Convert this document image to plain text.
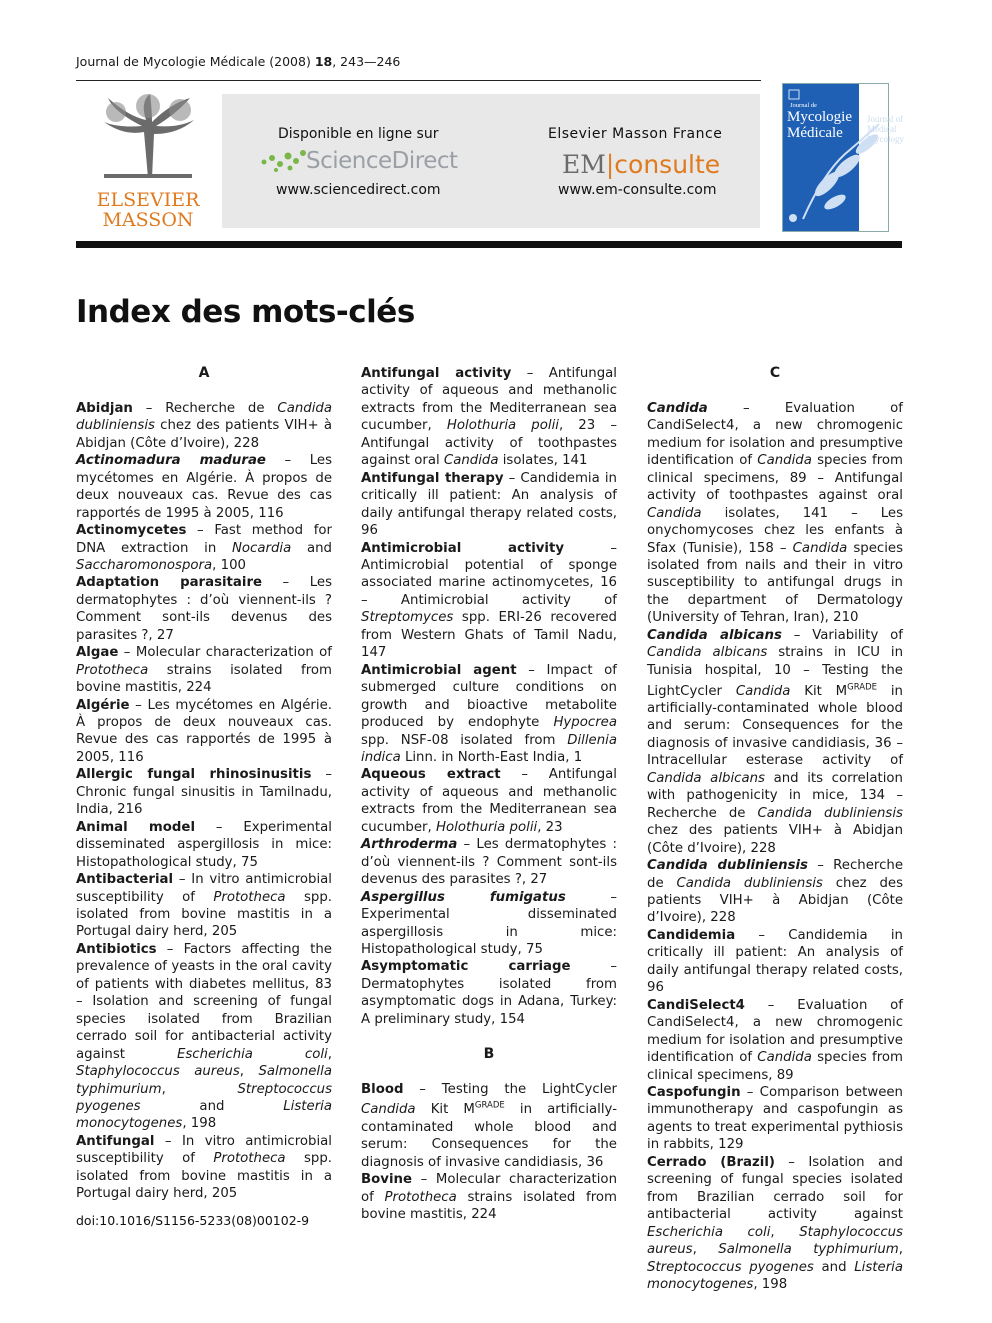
Journal de Mycologie Médicale (2008) 18, 243—246
ELSEVIER
MASSON
Disponible en ligne sur
ScienceDirect
www.sciencedirect.com
Elsevier Masson France
EM|consulte
www.em-consulte.com
Journal de
Mycologie
Médicale
Journal of
Medical
Mycology
Index des mots-clés
A

Abidjan – Recherche de Candida dubliniensis chez des patients VIH+ à Abidjan (Côte d’Ivoire), 228

Actinomadura madurae – Les mycétomes en Algérie. À propos de deux nouveaux cas. Revue des cas rapportés de 1995 à 2005, 116

Actinomycetes – Fast method for DNA extraction in Nocardia and Saccharomonospora, 100

Adaptation parasitaire – Les dermatophytes : d’où viennent-ils ? Comment sont-ils devenus des parasites ?, 27

Algae – Molecular characterization of Prototheca strains isolated from bovine mastitis, 224

Algérie – Les mycétomes en Algérie. À propos de deux nouveaux cas. Revue des cas rapportés de 1995 à 2005, 116

Allergic fungal rhinosinusitis – Chronic fungal sinusitis in Tamilnadu, India, 216

Animal model – Experimental disseminated aspergillosis in mice: Histopathological study, 75

Antibacterial – In vitro antimicrobial susceptibility of Prototheca spp. isolated from bovine mastitis in a Portugal dairy herd, 205

Antibiotics – Factors affecting the prevalence of yeasts in the oral cavity of patients with diabetes mellitus, 83 – Isolation and screening of fungal species isolated from Brazilian cerrado soil for antibacterial activity against Escherichia coli, Staphylococcus aureus, Salmonella typhimurium, Streptococcus pyogenes and Listeria monocytogenes, 198

Antifungal – In vitro antimicrobial susceptibility of Prototheca spp. isolated from bovine mastitis in a Portugal dairy herd, 205

Antifungal activity – Antifungal activity of aqueous and methanolic extracts from the Mediterranean sea cucumber, Holothuria polii, 23 – Antifungal activity of toothpastes against oral Candida isolates, 141

Antifungal therapy – Candidemia in critically ill patient: An analysis of daily antifungal therapy related costs, 96

Antimicrobial activity – Antimicrobial potential of sponge associated marine actinomycetes, 16 – Antimicrobial activity of Streptomyces spp. ERI-26 recovered from Western Ghats of Tamil Nadu, 147

Antimicrobial agent – Impact of submerged culture conditions on growth and bioactive metabolite produced by endophyte Hypocrea spp. NSF-08 isolated from Dillenia indica Linn. in North-East India, 1

Aqueous extract – Antifungal activity of aqueous and methanolic extracts from the Mediterranean sea cucumber, Holothuria polii, 23

Arthroderma – Les dermatophytes : d’où viennent-ils ? Comment sont-ils devenus des parasites ?, 27

Aspergillus fumigatus – Experimental disseminated aspergillosis in mice: Histopathological study, 75

Asymptomatic carriage – Dermatophytes isolated from asymptomatic dogs in Adana, Turkey: A preliminary study, 154

B

Blood – Testing the LightCycler Candida Kit $M^{GRADE}$ in artificially-contaminated whole blood and serum: Consequences for the diagnosis of invasive candidiasis, 36

Bovine – Molecular characterization of Prototheca strains isolated from bovine mastitis, 224

C

Candida – Evaluation of CandiSelect4, a new chromogenic medium for isolation and presumptive identification of Candida species from clinical specimens, 89 – Antifungal activity of toothpastes against oral Candida isolates, 141 – Les onychomycoses chez les enfants à Sfax (Tunisie), 158 – Candida species isolated from nails and their in vitro susceptibility to antifungal drugs in the department of Dermatology (University of Tehran, Iran), 210

Candida albicans – Variability of Candida albicans strains in ICU in Tunisia hospital, 10 – Testing the LightCycler Candida Kit $M^{GRADE}$ in artificially-contaminated whole blood and serum: Consequences for the diagnosis of invasive candidiasis, 36 – Intracellular esterase activity of Candida albicans and its correlation with pathogenicity in mice, 134 – Recherche de Candida dubliniensis chez des patients VIH+ à Abidjan (Côte d’Ivoire), 228

Candida dubliniensis – Recherche de Candida dubliniensis chez des patients VIH+ à Abidjan (Côte d’Ivoire), 228

Candidemia – Candidemia in critically ill patient: An analysis of daily antifungal therapy related costs, 96

CandiSelect4 – Evaluation of CandiSelect4, a new chromogenic medium for isolation and presumptive identification of Candida species from clinical specimens, 89

Caspofungin – Comparison between immunotherapy and caspofungin as agents to treat experimental pythiosis in rabbits, 129

Cerrado (Brazil) – Isolation and screening of fungal species isolated from Brazilian cerrado soil for antibacterial activity against Escherichia coli, Staphylococcus aureus, Salmonella typhimurium, Streptococcus pyogenes and Listeria monocytogenes, 198

doi:10.1016/S1156-5233(08)00102-9
